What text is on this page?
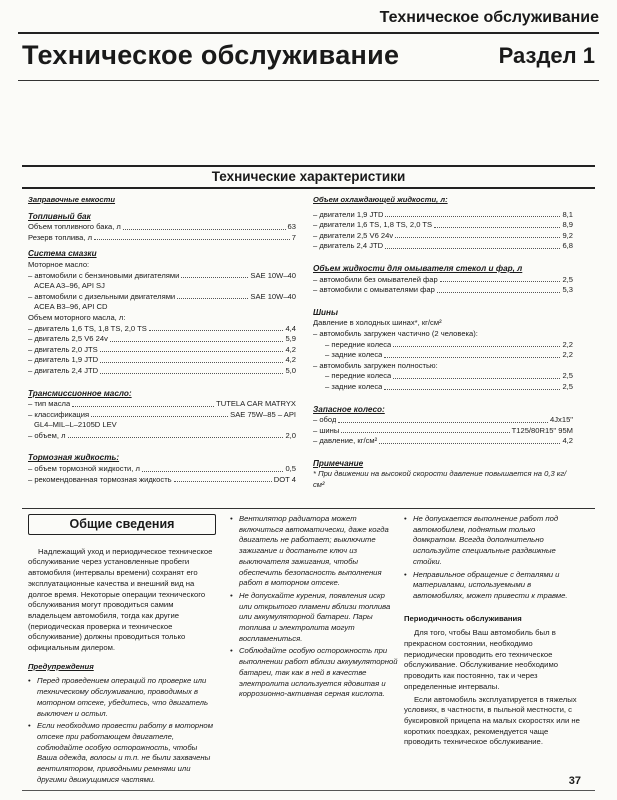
Техническое обслуживание
Техническое обслуживание	Раздел 1
Технические характеристики
Заправочные емкости
Топливный бак
Объем топливного бака, л	63
Резерв топлива, л	7
Система смазки
Моторное масло:
– автомобили с бензиновыми двигателями	SAE 10W–40
ACEA A3–96, API SJ
– автомобили с дизельными двигателями	SAE 10W–40
ACEA B3–96, API CD
Объем моторного масла, л:
– двигатель 1,6 TS, 1,8 TS, 2,0 TS	4,4
– двигатель 2,5 V6 24v	5,9
– двигатель 2,0 JTS	4,2
– двигатель 1,9 JTD	4,2
– двигатель 2,4 JTD	5,0
Трансмиссионное масло:
– тип масла	TUTELA CAR MATRYX
– классификация	SAE 75W–85 – API
GL4–MIL–L–2105D LEV
– объем, л	2,0
Тормозная жидкость:
– объем тормозной жидкости, л	0,5
– рекомендованная тормозная жидкость	DOT 4
Объем охлаждающей жидкости, л:
– двигатели 1,9 JTD	8,1
– двигатели 1,6 TS, 1,8 TS, 2,0 TS	8,9
– двигатели 2,5 V6 24v	9,2
– двигатель 2,4 JTD	6,8
Объем жидкости для омывателя стекол и фар, л
– автомобили без омывателей фар	2,5
– автомобили с омывателями фар	5,3
Шины
Давление в холодных шинах*, кг/см²
– автомобиль загружен частично (2 человека):
– передние колеса	2,2
– задние колеса	2,2
– автомобиль загружен полностью:
– передние колеса	2,5
– задние колеса	2,5
Запасное колесо:
– обод	4Jx15"
– шины	T125/80R15" 95M
– давление, кг/см²	4,2
Примечание
* При движении на высокой скорости давление повышается на 0,3 кг/см²
Общие сведения

Надлежащий уход и периодическое техническое обслуживание через установленные пробеги автомобиля (интервалы времени) сохранят его эксплуатационные качества и внешний вид на долгое время. Некоторые операции технического обслуживания могут проводиться самим владельцем автомобиля, тогда как другие (периодическая проверка и техническое обслуживание) должны проводиться только официальным дилером.

Предупреждения
• Перед проведением операций по проверке или техническому обслуживанию, проводимых в моторном отсеке, убедитесь, что двигатель выключен и остыл.
• Если необходимо провести работу в моторном отсеке при работающем двигателе, соблюдайте особую осторожность, чтобы Ваша одежда, волосы и т.п. не были захвачены вентилятором, приводными ремнями или другими движущимися частями.
• Вентилятор радиатора может включиться автоматически, даже когда двигатель не работает; выключите зажигание и достаньте ключ из выключателя зажигания, чтобы обеспечить безопасность выполнения работ в моторном отсеке.
• Не допускайте курения, появления искр или открытого пламени вблизи топлива или аккумуляторной батареи. Пары топлива и электролита могут воспламениться.
• Соблюдайте особую осторожность при выполнении работ вблизи аккумуляторной батареи, так как в ней в качестве электролита используется ядовитая и коррозионно-активная серная кислота.
• Не допускается выполнение работ под автомобилем, поднятым только домкратом. Всегда дополнительно используйте специальные раздвижные стойки.
• Неправильное обращение с деталями и материалами, используемыми в автомобилях, может привести к травме.
Периодичность обслуживания

Для того, чтобы Ваш автомобиль был в прекрасном состоянии, необходимо периодически проводить его техническое обслуживание. Обслуживание необходимо проводить как постоянно, так и через определенные интервалы.

Если автомобиль эксплуатируется в тяжелых условиях, в частности, в пыльной местности, с буксировкой прицепа на малых скоростях или не коротких поездках, рекомендуется чаще проводить техническое обслуживание.

37
